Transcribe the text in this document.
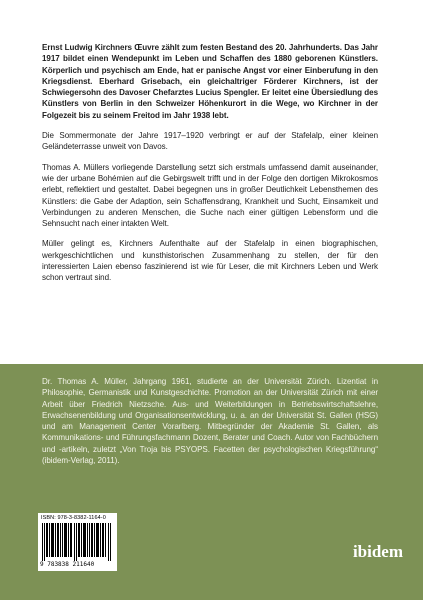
Ernst Ludwig Kirchners Œuvre zählt zum festen Bestand des 20. Jahrhunderts. Das Jahr 1917 bildet einen Wendepunkt im Leben und Schaffen des 1880 geborenen Künstlers. Körperlich und psychisch am Ende, hat er panische Angst vor einer Einberufung in den Kriegsdienst. Eberhard Grisebach, ein gleichaltriger Förderer Kirchners, ist der Schwiegersohn des Davoser Chefarztes Lucius Spengler. Er leitet eine Übersiedlung des Künstlers von Berlin in den Schweizer Höhenkurort in die Wege, wo Kirchner in der Folgezeit bis zu seinem Freitod im Jahr 1938 lebt.

Die Sommermonate der Jahre 1917–1920 verbringt er auf der Stafelalp, einer kleinen Geländeterrasse unweit von Davos.

Thomas A. Müllers vorliegende Darstellung setzt sich erstmals umfassend damit auseinander, wie der urbane Bohémien auf die Gebirgswelt trifft und in der Folge den dortigen Mikrokosmos erlebt, reflektiert und gestaltet. Dabei begegnen uns in großer Deutlichkeit Lebensthemen des Künstlers: die Gabe der Adaption, sein Schaffensdrang, Krankheit und Sucht, Einsamkeit und Verbindungen zu anderen Menschen, die Suche nach einer gültigen Lebensform und die Sehnsucht nach einer intakten Welt.

Müller gelingt es, Kirchners Aufenthalte auf der Stafelalp in einen biographischen, werkgeschichtlichen und kunsthistorischen Zusammenhang zu stellen, der für den interessierten Laien ebenso faszinierend ist wie für Leser, die mit Kirchners Leben und Werk schon vertraut sind.

Dr. Thomas A. Müller, Jahrgang 1961, studierte an der Universität Zürich. Lizentiat in Philosophie, Germanistik und Kunstgeschichte. Promotion an der Universität Zürich mit einer Arbeit über Friedrich Nietzsche. Aus- und Weiterbildungen in Betriebswirtschaftslehre, Erwachsenenbildung und Organisationsentwicklung, u. a. an der Universität St. Gallen (HSG) und am Management Center Vorarlberg. Mitbegründer der Akademie St. Gallen, als Kommunikations- und Führungsfachmann Dozent, Berater und Coach. Autor von Fachbüchern und -artikeln, zuletzt „Von Troja bis PSYOPS. Facetten der psychologischen Kriegsführung“ (ibidem-Verlag, 2011).

ISBN: 978-3-8382-1164-0
9 783838 211640
ibidem
